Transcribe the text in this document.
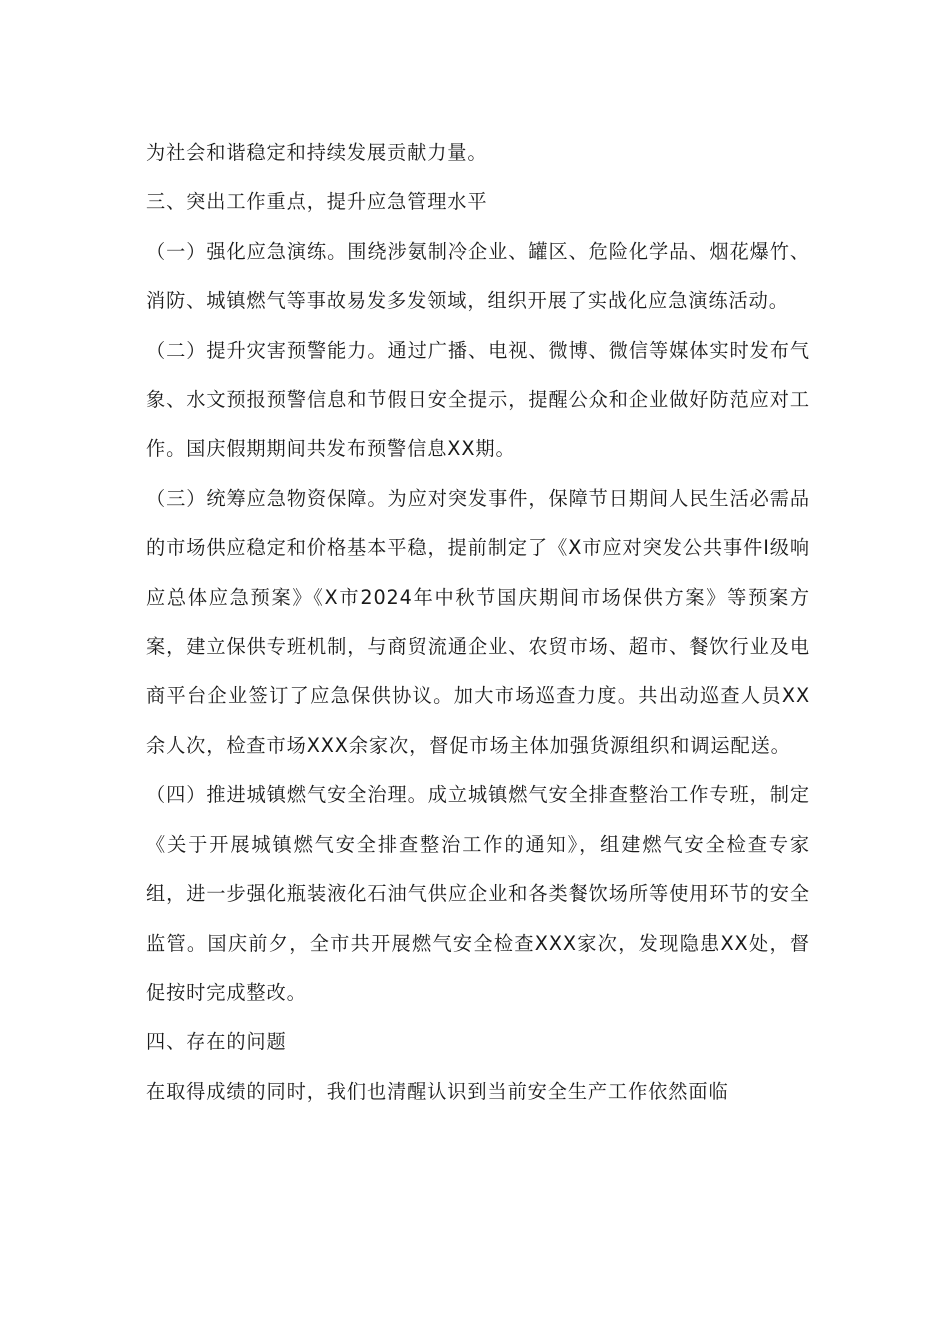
为社会和谐稳定和持续发展贡献力量。

三、突出工作重点，提升应急管理水平

（一）强化应急演练。围绕涉氨制冷企业、罐区、危险化学品、烟花爆竹、消防、城镇燃气等事故易发多发领域，组织开展了实战化应急演练活动。

（二）提升灾害预警能力。通过广播、电视、微博、微信等媒体实时发布气象、水文预报预警信息和节假日安全提示，提醒公众和企业做好防范应对工作。国庆假期期间共发布预警信息XX期。

（三）统筹应急物资保障。为应对突发事件，保障节日期间人民生活必需品的市场供应稳定和价格基本平稳，提前制定了《X市应对突发公共事件I级响应总体应急预案》《X市2024年中秋节国庆期间市场保供方案》等预案方案，建立保供专班机制，与商贸流通企业、农贸市场、超市、餐饮行业及电商平台企业签订了应急保供协议。加大市场巡查力度。共出动巡查人员XX余人次，检查市场XXX余家次，督促市场主体加强货源组织和调运配送。

（四）推进城镇燃气安全治理。成立城镇燃气安全排查整治工作专班，制定《关于开展城镇燃气安全排查整治工作的通知》，组建燃气安全检查专家组，进一步强化瓶装液化石油气供应企业和各类餐饮场所等使用环节的安全监管。国庆前夕，全市共开展燃气安全检查XXX家次，发现隐患XX处，督促按时完成整改。

四、存在的问题

在取得成绩的同时，我们也清醒认识到当前安全生产工作依然面临
